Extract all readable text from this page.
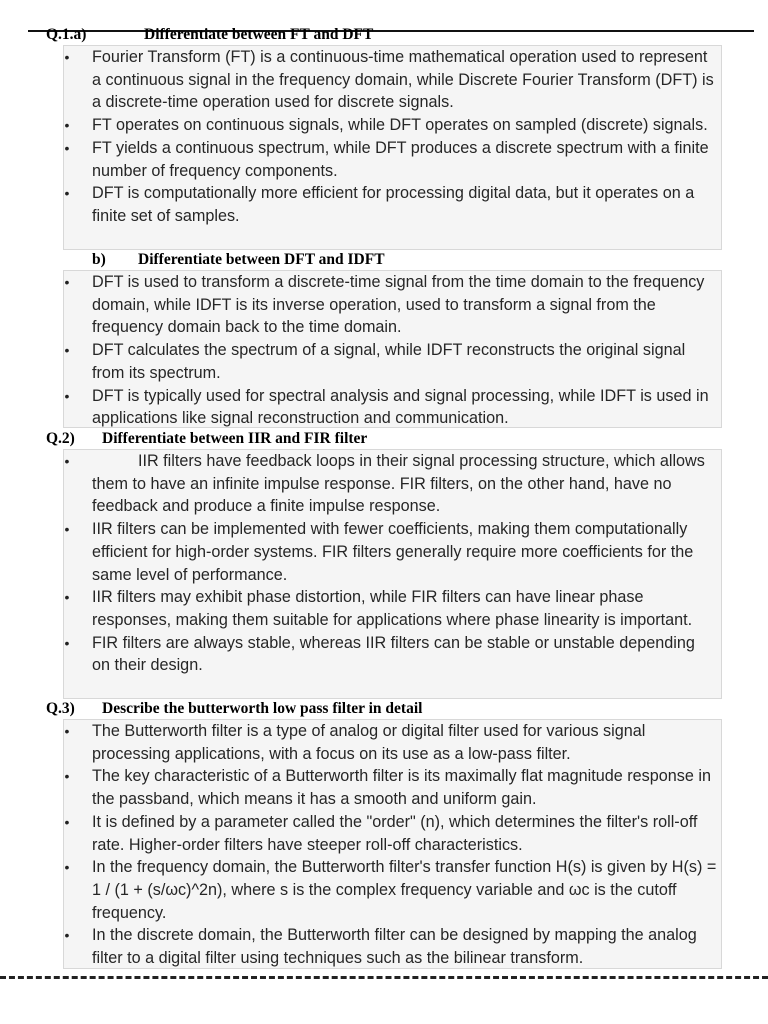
Q.1.a)	Differentiate between FT and DFT
• Fourier Transform (FT) is a continuous-time mathematical operation used to represent a continuous signal in the frequency domain, while Discrete Fourier Transform (DFT) is a discrete-time operation used for discrete signals.
• FT operates on continuous signals, while DFT operates on sampled (discrete) signals.
• FT yields a continuous spectrum, while DFT produces a discrete spectrum with a finite number of frequency components.
• DFT is computationally more efficient for processing digital data, but it operates on a finite set of samples.
b) Differentiate between DFT and IDFT
• DFT is used to transform a discrete-time signal from the time domain to the frequency domain, while IDFT is its inverse operation, used to transform a signal from the frequency domain back to the time domain.
• DFT calculates the spectrum of a signal, while IDFT reconstructs the original signal from its spectrum.
• DFT is typically used for spectral analysis and signal processing, while IDFT is used in applications like signal reconstruction and communication.
Q.2) Differentiate between IIR and FIR filter
•	IIR filters have feedback loops in their signal processing structure, which allows them to have an infinite impulse response. FIR filters, on the other hand, have no feedback and produce a finite impulse response.
• IIR filters can be implemented with fewer coefficients, making them computationally efficient for high-order systems. FIR filters generally require more coefficients for the same level of performance.
• IIR filters may exhibit phase distortion, while FIR filters can have linear phase responses, making them suitable for applications where phase linearity is important.
• FIR filters are always stable, whereas IIR filters can be stable or unstable depending on their design.
Q.3) Describe the butterworth low pass filter in detail
• The Butterworth filter is a type of analog or digital filter used for various signal processing applications, with a focus on its use as a low-pass filter.
• The key characteristic of a Butterworth filter is its maximally flat magnitude response in the passband, which means it has a smooth and uniform gain.
• It is defined by a parameter called the "order" (n), which determines the filter's roll-off rate. Higher-order filters have steeper roll-off characteristics.
• In the frequency domain, the Butterworth filter's transfer function H(s) is given by H(s) = 1 / (1 + (s/ωc)^2n), where s is the complex frequency variable and ωc is the cutoff frequency.
• In the discrete domain, the Butterworth filter can be designed by mapping the analog filter to a digital filter using techniques such as the bilinear transform.
